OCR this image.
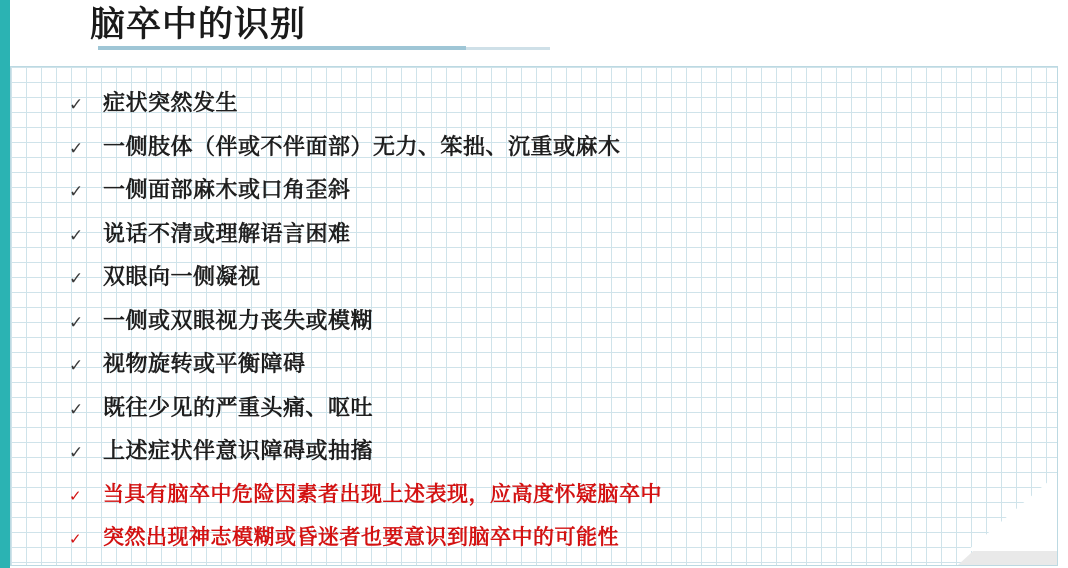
脑卒中的识别
✓ 症状突然发生
✓ 一侧肢体（伴或不伴面部）无力、笨拙、沉重或麻木
✓ 一侧面部麻木或口角歪斜
✓ 说话不清或理解语言困难
✓ 双眼向一侧凝视
✓ 一侧或双眼视力丧失或模糊
✓ 视物旋转或平衡障碍
✓ 既往少见的严重头痛、呕吐
✓ 上述症状伴意识障碍或抽搐
✓	当具有脑卒中危险因素者出现上述表现，应高度怀疑脑卒中
✓	突然出现神志模糊或昏迷者也要意识到脑卒中的可能性
